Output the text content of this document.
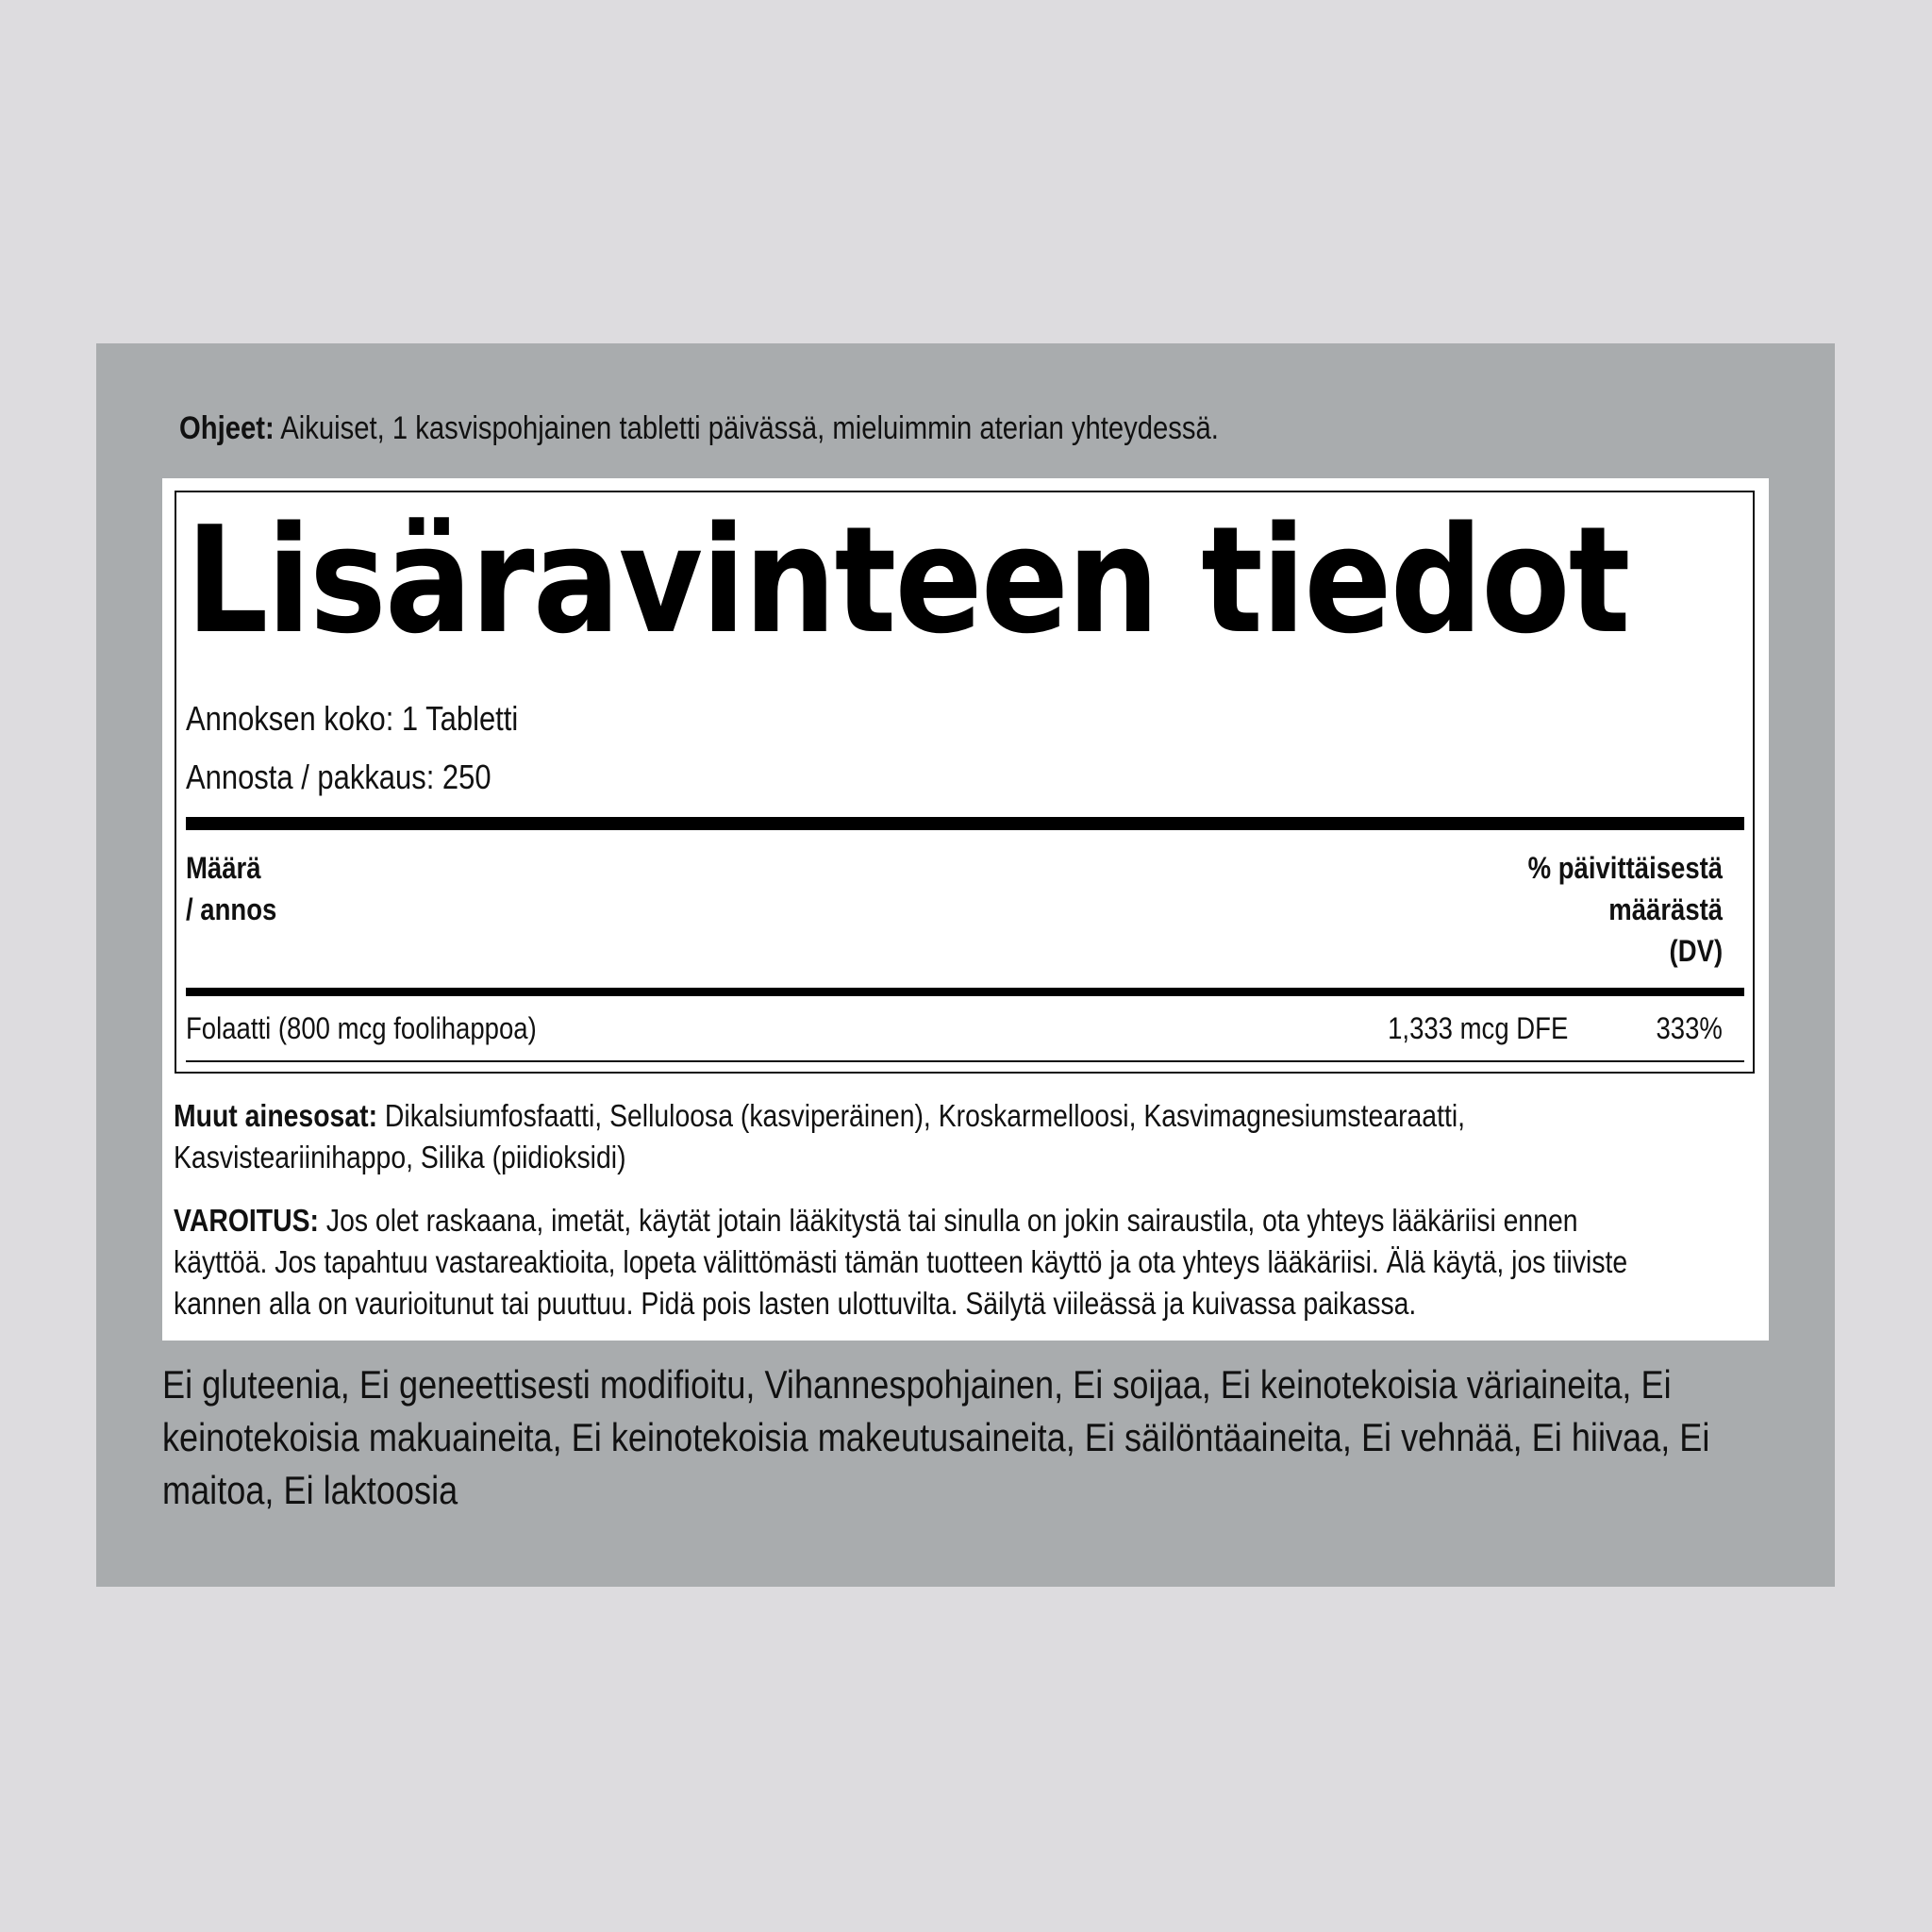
Ohjeet: Aikuiset, 1 kasvispohjainen tabletti päivässä, mieluimmin aterian yhteydessä.
Lisäravinteen tiedot
Annoksen koko: 1 Tabletti
Annosta / pakkaus: 250
Määrä
/ annos
% päivittäisestä
määrästä
(DV)
Folaatti (800 mcg foolihappoa)	1,333 mcg DFE	333%
Muut ainesosat: Dikalsiumfosfaatti, Selluloosa (kasviperäinen), Kroskarmelloosi, Kasvimagnesiumstearaatti, Kasvisteariinihappo, Silika (piidioksidi)
VAROITUS: Jos olet raskaana, imetät, käytät jotain lääkitystä tai sinulla on jokin sairaustila, ota yhteys lääkäriisi ennen käyttöä. Jos tapahtuu vastareaktioita, lopeta välittömästi tämän tuotteen käyttö ja ota yhteys lääkäriisi. Älä käytä, jos tiiviste kannen alla on vaurioitunut tai puuttuu. Pidä pois lasten ulottuvilta. Säilytä viileässä ja kuivassa paikassa.
Ei gluteenia, Ei geneettisesti modifioitu, Vihannespohjainen, Ei soijaa, Ei keinotekoisia väriaineita, Ei keinotekoisia makuaineita, Ei keinotekoisia makeutusaineita, Ei säilöntäaineita, Ei vehnää, Ei hiivaa, Ei maitoa, Ei laktoosia
